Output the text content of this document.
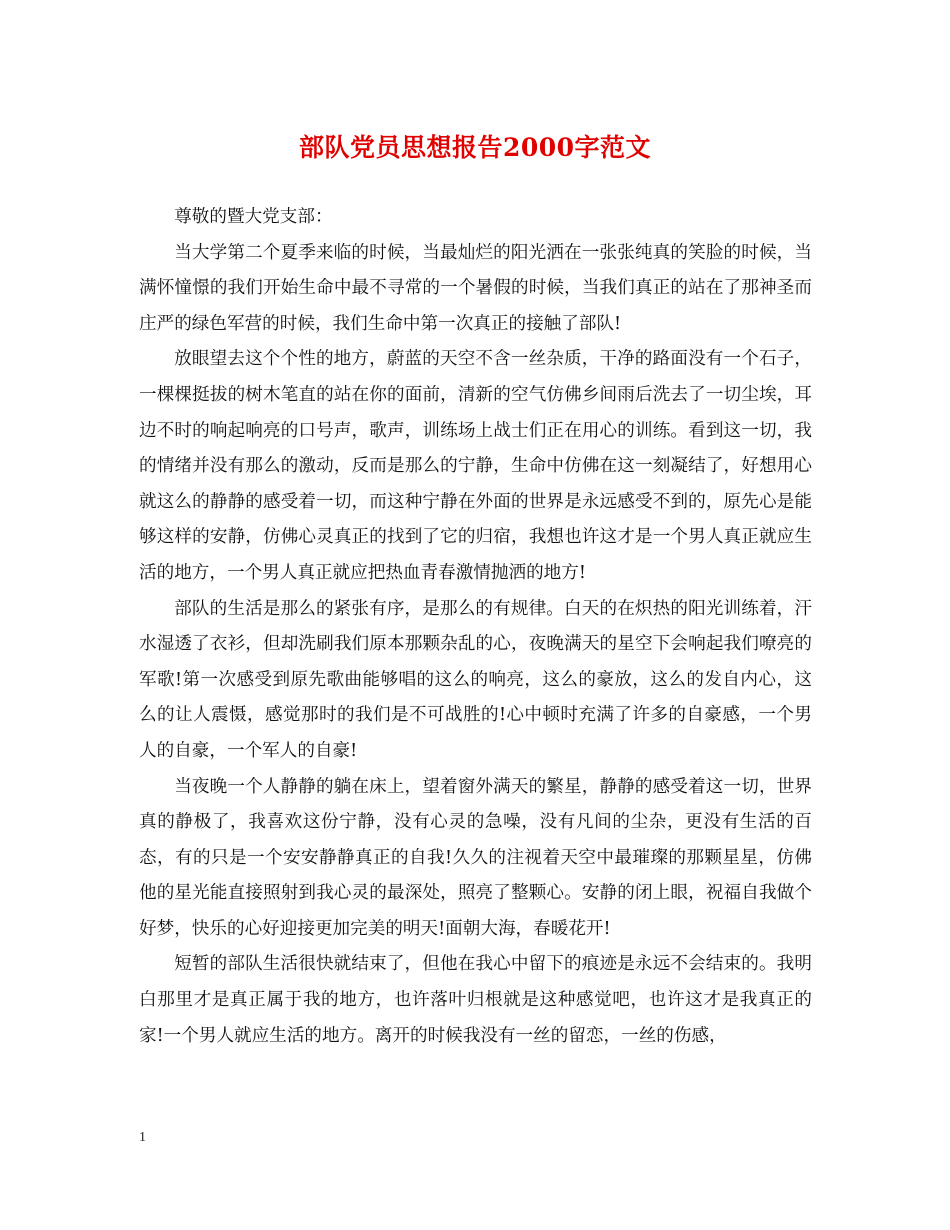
部队党员思想报告2000字范文

尊敬的暨大党支部：

当大学第二个夏季来临的时候，当最灿烂的阳光洒在一张张纯真的笑脸的时候，当满怀憧憬的我们开始生命中最不寻常的一个暑假的时候，当我们真正的站在了那神圣而庄严的绿色军营的时候，我们生命中第一次真正的接触了部队!

放眼望去这个个性的地方，蔚蓝的天空不含一丝杂质，干净的路面没有一个石子，一棵棵挺拔的树木笔直的站在你的面前，清新的空气仿佛乡间雨后洗去了一切尘埃，耳边不时的响起响亮的口号声，歌声，训练场上战士们正在用心的训练。看到这一切，我的情绪并没有那么的激动，反而是那么的宁静，生命中仿佛在这一刻凝结了，好想用心就这么的静静的感受着一切，而这种宁静在外面的世界是永远感受不到的，原先心是能够这样的安静，仿佛心灵真正的找到了它的归宿，我想也许这才是一个男人真正就应生活的地方，一个男人真正就应把热血青春激情抛洒的地方!

部队的生活是那么的紧张有序，是那么的有规律。白天的在炽热的阳光训练着，汗水湿透了衣衫，但却洗刷我们原本那颗杂乱的心，夜晚满天的星空下会响起我们嘹亮的军歌!第一次感受到原先歌曲能够唱的这么的响亮，这么的豪放，这么的发自内心，这么的让人震慑，感觉那时的我们是不可战胜的!心中顿时充满了许多的自豪感，一个男人的自豪，一个军人的自豪!

当夜晚一个人静静的躺在床上，望着窗外满天的繁星，静静的感受着这一切，世界真的静极了，我喜欢这份宁静，没有心灵的急噪，没有凡间的尘杂，更没有生活的百态，有的只是一个安安静静真正的自我!久久的注视着天空中最璀璨的那颗星星，仿佛他的星光能直接照射到我心灵的最深处，照亮了整颗心。安静的闭上眼，祝福自我做个好梦，快乐的心好迎接更加完美的明天!面朝大海，春暖花开!

短暂的部队生活很快就结束了，但他在我心中留下的痕迹是永远不会结束的。我明白那里才是真正属于我的地方，也许落叶归根就是这种感觉吧，也许这才是我真正的家!一个男人就应生活的地方。离开的时候我没有一丝的留恋，一丝的伤感，

1
